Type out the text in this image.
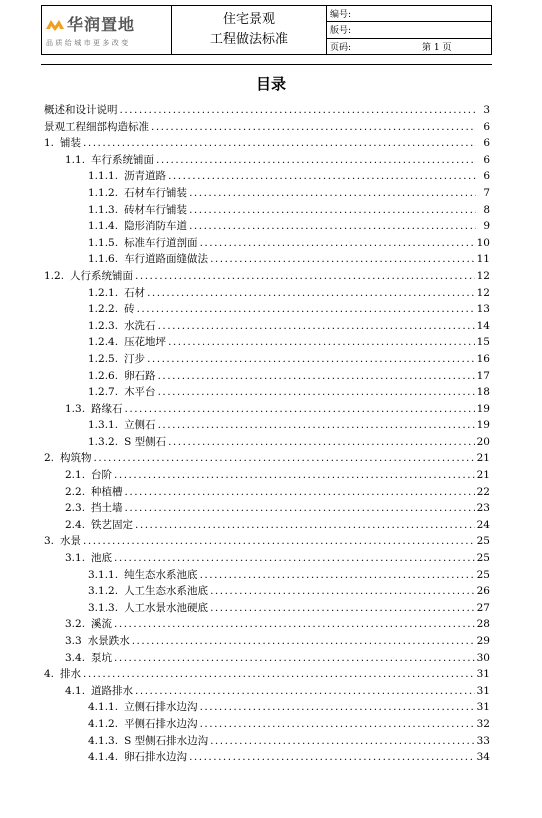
华润置地
品质给城市更多改变
住宅景观
工程做法标准
编号:
版号:
页码:	第 1 页
目录
概述和设计说明 .....	3
景观工程细部构造标准 .....	6
1. 铺装 .....	6
1.1. 车行系统铺面 .....	6
1.1.1. 沥青道路 .....	6
1.1.2. 石材车行铺装 .....	7
1.1.3. 砖材车行铺装 .....	8
1.1.4. 隐形消防车道 .....	9
1.1.5. 标准车行道剖面 .....	10
1.1.6. 车行道路面缝做法 .....	11
1.2. 人行系统铺面 .....	12
1.2.1. 石材 .....	12
1.2.2. 砖 .....	13
1.2.3. 水洗石 .....	14
1.2.4. 压花地坪 .....	15
1.2.5. 汀步 .....	16
1.2.6. 卵石路 .....	17
1.2.7. 木平台 .....	18
1.3. 路缘石 .....	19
1.3.1. 立侧石 .....	19
1.3.2. S 型侧石 .....	20
2. 构筑物 .....	21
2.1. 台阶 .....	21
2.2. 种植槽 .....	22
2.3. 挡土墙 .....	23
2.4. 铁艺固定 .....	24
3. 水景 .....	25
3.1. 池底 .....	25
3.1.1. 纯生态水系池底 .....	25
3.1.2. 人工生态水系池底 .....	26
3.1.3. 人工水景水池硬底 .....	27
3.2. 溪流 .....	28
3.3 水景跌水 .....	29
3.4. 泵坑 .....	30
4. 排水 .....	31
4.1. 道路排水 .....	31
4.1.1. 立侧石排水边沟 .....	31
4.1.2. 平侧石排水边沟 .....	32
4.1.3. S 型侧石排水边沟 .....	33
4.1.4. 卵石排水边沟 .....	34
